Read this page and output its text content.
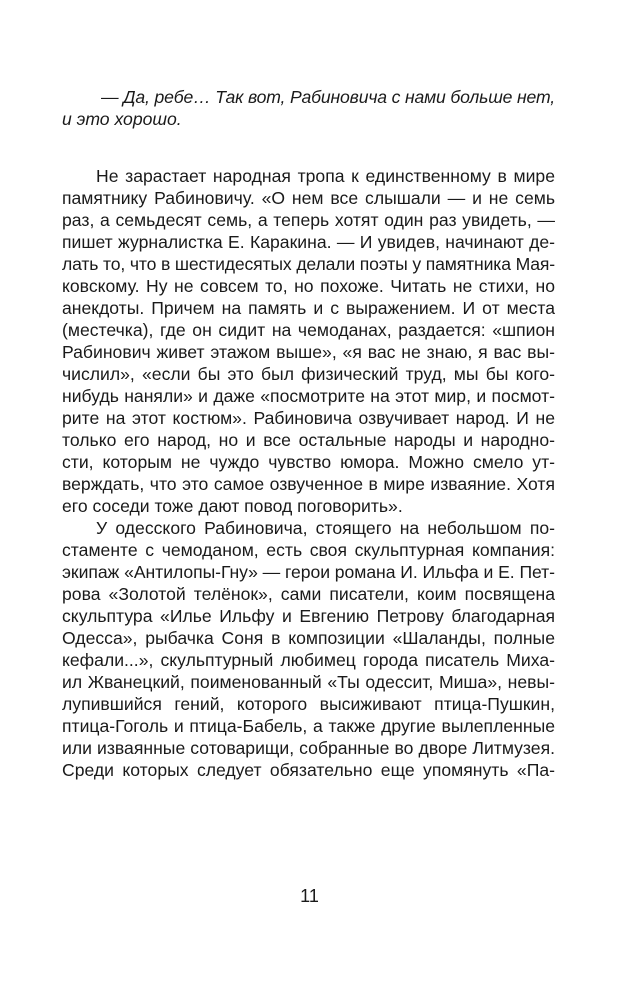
— Да, ребе… Так вот, Рабиновича с нами больше нет,
и это хорошо.
Не зарастает народная тропа к единственному в мире
памятнику Рабиновичу. «О нем все слышали — и не семь
раз, а семьдесят семь, а теперь хотят один раз увидеть, —
пишет журналистка Е. Каракина. — И увидев, начинают де-
лать то, что в шестидесятых делали поэты у памятника Мая-
ковскому. Ну не совсем то, но похоже. Читать не стихи, но
анекдоты. Причем на память и с выражением. И от места
(местечка), где он сидит на чемоданах, раздается: «шпион
Рабинович живет этажом выше», «я вас не знаю, я вас вы-
числил», «если бы это был физический труд, мы бы кого-
нибудь наняли» и даже «посмотрите на этот мир, и посмот-
рите на этот костюм». Рабиновича озвучивает народ. И не
только его народ, но и все остальные народы и народно-
сти, которым не чуждо чувство юмора. Можно смело ут-
верждать, что это самое озвученное в мире изваяние. Хотя
его соседи тоже дают повод поговорить».
У одесского Рабиновича, стоящего на небольшом по-
стаменте с чемоданом, есть своя скульптурная компания:
экипаж «Антилопы-Гну» — герои романа И. Ильфа и Е. Пет-
рова «Золотой телёнок», сами писатели, коим посвящена
скульптура «Илье Ильфу и Евгению Петрову благодарная
Одесса», рыбачка Соня в композиции «Шаланды, полные
кефали...», скульптурный любимец города писатель Миха-
ил Жванецкий, поименованный «Ты одессит, Миша», невы-
лупившийся гений, которого высиживают птица-Пушкин,
птица-Гоголь и птица-Бабель, а также другие вылепленные
или изваянные сотоварищи, собранные во дворе Литмузея.
Среди которых следует обязательно еще упомянуть «Па-
11
